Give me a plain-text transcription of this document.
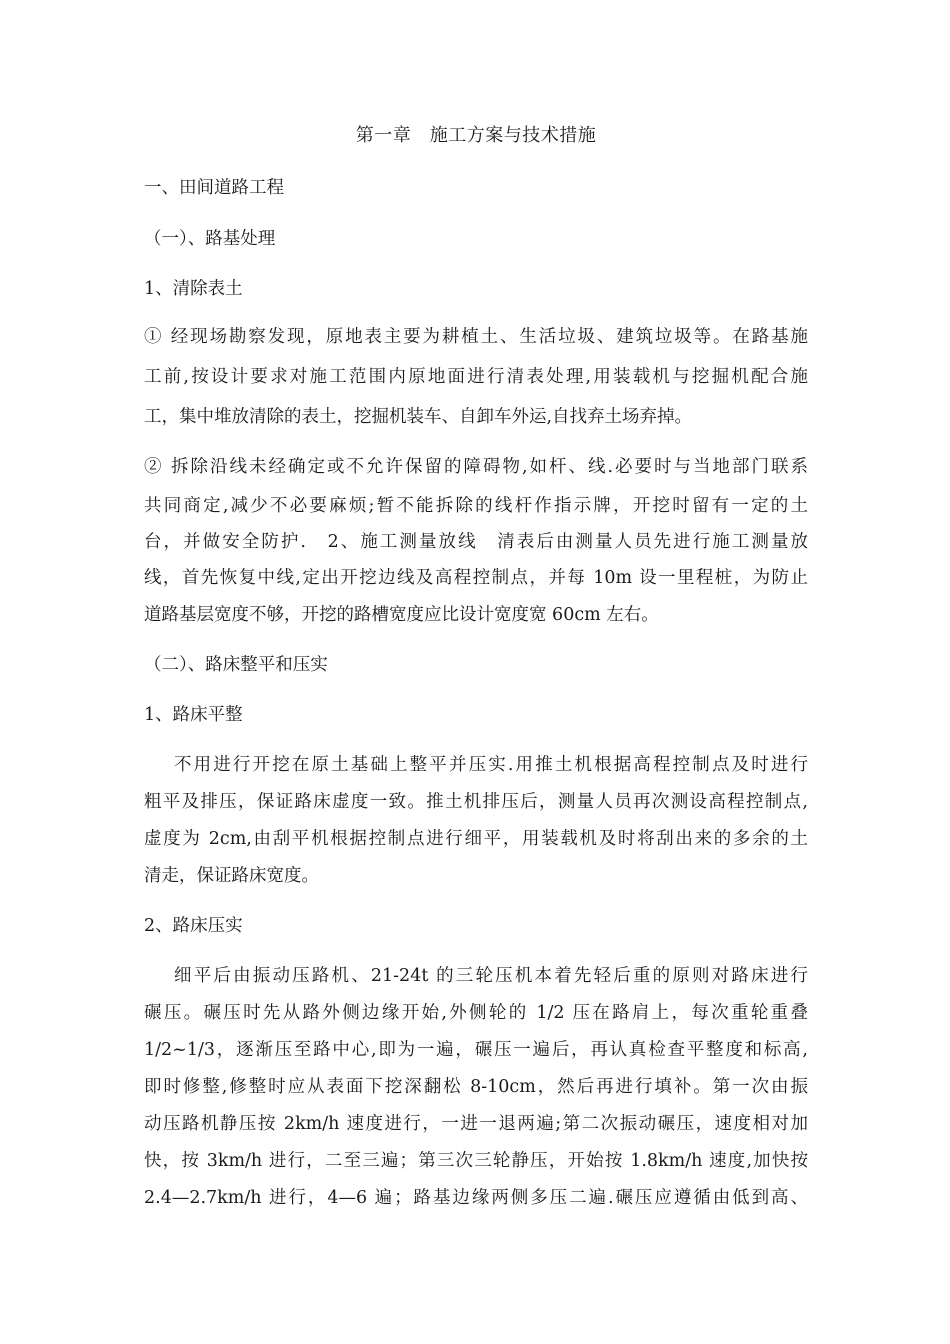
第一章　施工方案与技术措施
一、田间道路工程
（一）、路基处理
1、清除表土
① 经现场勘察发现，原地表主要为耕植土、生活垃圾、建筑垃圾等。在路基施
工前,按设计要求对施工范围内原地面进行清表处理,用装载机与挖掘机配合施
工，集中堆放清除的表土，挖掘机装车、自卸车外运,自找弃土场弃掉。
② 拆除沿线未经确定或不允许保留的障碍物,如杆、线.必要时与当地部门联系
共同商定,减少不必要麻烦;暂不能拆除的线杆作指示牌，开挖时留有一定的土
台，并做安全防护.　2、施工测量放线　清表后由测量人员先进行施工测量放
线，首先恢复中线,定出开挖边线及高程控制点，并每 10m 设一里程桩，为防止
道路基层宽度不够，开挖的路槽宽度应比设计宽度宽 60cm 左右。
（二）、路床整平和压实
1、路床平整
不用进行开挖在原土基础上整平并压实.用推土机根据高程控制点及时进行
粗平及排压，保证路床虚度一致。推土机排压后，测量人员再次测设高程控制点,
虚度为 2cm,由刮平机根据控制点进行细平，用装载机及时将刮出来的多余的土
清走，保证路床宽度。
2、路床压实
细平后由振动压路机、21-24t 的三轮压机本着先轻后重的原则对路床进行
碾压。碾压时先从路外侧边缘开始,外侧轮的 1/2 压在路肩上，每次重轮重叠
1/2~1/3，逐渐压至路中心,即为一遍，碾压一遍后，再认真检查平整度和标高,
即时修整,修整时应从表面下挖深翻松 8-10cm，然后再进行填补。第一次由振
动压路机静压按 2km/h 速度进行，一进一退两遍;第二次振动碾压，速度相对加
快，按 3km/h 进行，二至三遍；第三次三轮静压，开始按 1.8km/h 速度,加快按
2.4—2.7km/h 进行，4—6 遍；路基边缘两侧多压二遍.碾压应遵循由低到高、
